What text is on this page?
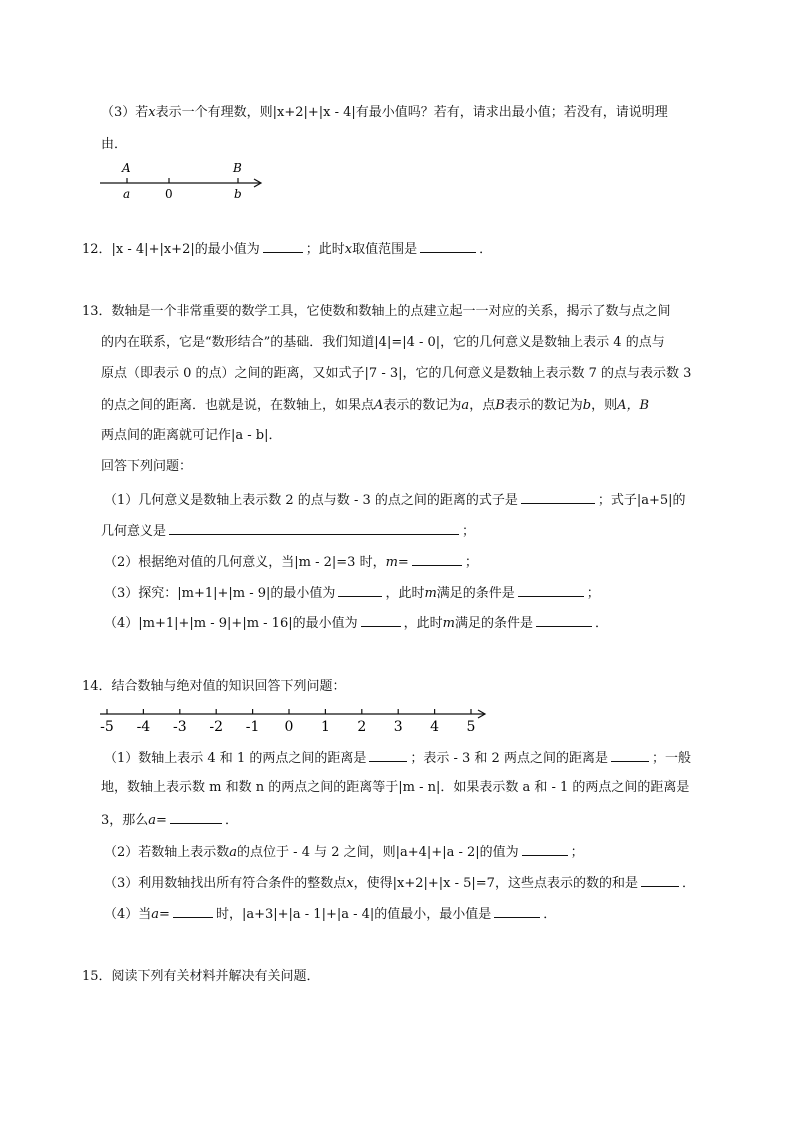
（3）若x表示一个有理数，则|x+2|+|x - 4|有最小值吗？若有，请求出最小值；若没有，请说明理
由．
A	B
a	0	b
12．|x - 4|+|x+2|的最小值为	；此时x取值范围是	．
13．数轴是一个非常重要的数学工具，它使数和数轴上的点建立起一一对应的关系，揭示了数与点之间
的内在联系，它是“数形结合”的基础．我们知道|4|=|4 - 0|，它的几何意义是数轴上表示 4 的点与
原点（即表示 0 的点）之间的距离，又如式子|7 - 3|，它的几何意义是数轴上表示数 7 的点与表示数 3
的点之间的距离．也就是说，在数轴上，如果点A表示的数记为a，点B表示的数记为b，则A，B
两点间的距离就可记作|a - b|．
回答下列问题：
（1）几何意义是数轴上表示数 2 的点与数 - 3 的点之间的距离的式子是	；式子|a+5|的
几何意义是	；
（2）根据绝对值的几何意义，当|m - 2|=3 时，m=	；
（3）探究：|m+1|+|m - 9|的最小值为	，此时m满足的条件是	；
（4）|m+1|+|m - 9|+|m - 16|的最小值为	，此时m满足的条件是	．
14．结合数轴与绝对值的知识回答下列问题：
-5 -4 -3 -2 -1 0 1 2 3 4 5
（1）数轴上表示 4 和 1 的两点之间的距离是	；表示 - 3 和 2 两点之间的距离是	；一般
地，数轴上表示数 m 和数 n 的两点之间的距离等于|m - n|．如果表示数 a 和 - 1 的两点之间的距离是
3，那么a=	．
（2）若数轴上表示数a的点位于 - 4 与 2 之间，则|a+4|+|a - 2|的值为	；
（3）利用数轴找出所有符合条件的整数点x，使得|x+2|+|x - 5|=7，这些点表示的数的和是	．
（4）当a=	时，|a+3|+|a - 1|+|a - 4|的值最小，最小值是	．
15．阅读下列有关材料并解决有关问题．
